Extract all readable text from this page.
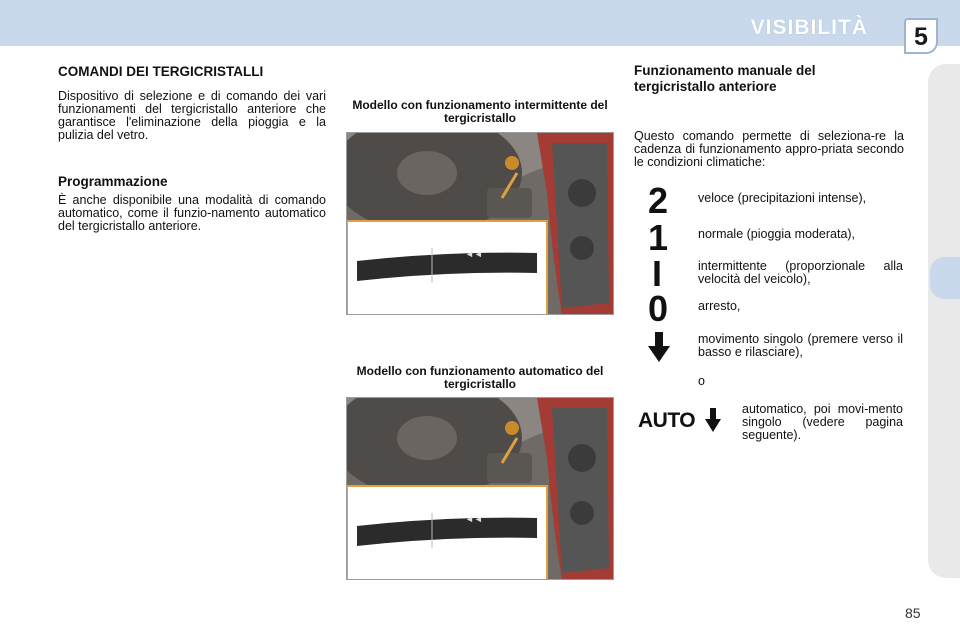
VISIBILITÀ	5
COMANDI DEI TERGICRISTALLI
Dispositivo di selezione e di comando dei vari funzionamenti del tergicristallo anteriore che garantisce l'eliminazione della pioggia e la pulizia del vetro.
Programmazione
È anche disponibile una modalità di comando automatico, come il funzio-namento automatico del tergicristallo anteriore.
Modello con funzionamento intermittente del tergicristallo
◄◄
Modello con funzionamento automatico del tergicristallo
◄◄
Funzionamento manuale del tergicristallo anteriore
Questo comando permette di seleziona-re la cadenza di funzionamento appro-priata secondo le condizioni climatiche:
2 veloce (precipitazioni intense),
1 normale (pioggia moderata),
I	intermittente (proporzionale alla velocità del veicolo),
0 arresto,
movimento singolo (premere verso il basso e rilasciare),
o
AUTO	automatico, poi movi-mento singolo (vedere pagina seguente).
85
